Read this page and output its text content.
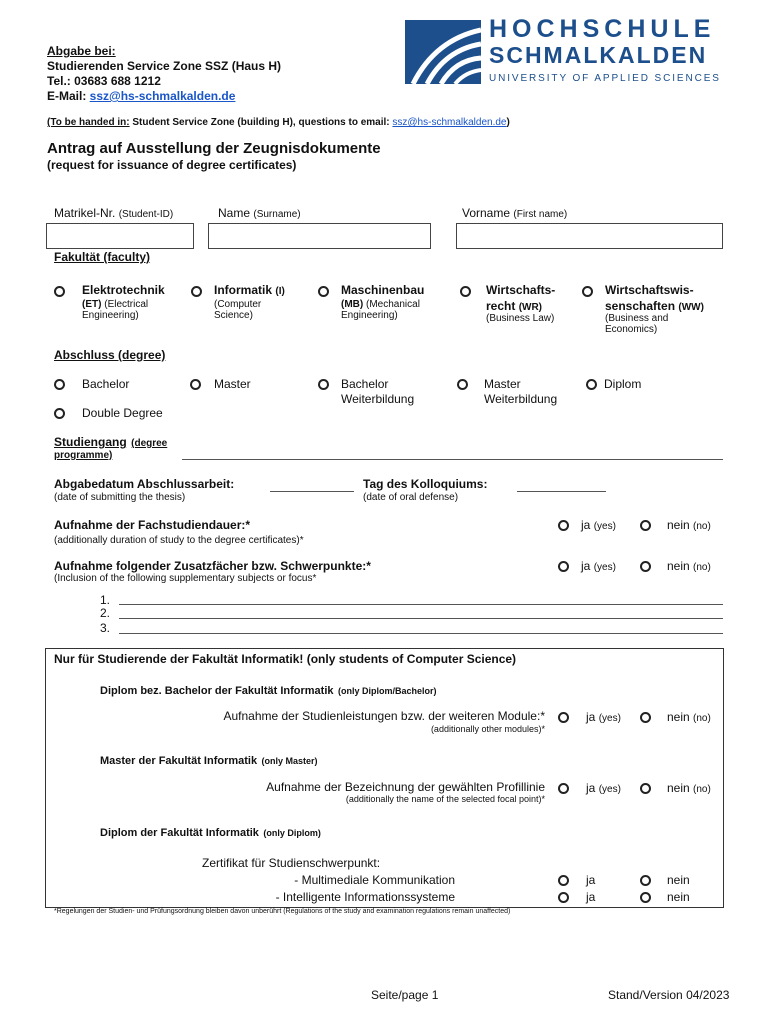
Abgabe bei:
Studierenden Service Zone SSZ (Haus H)
Tel.: 03683 688 1212
E-Mail: ssz@hs-schmalkalden.de
HOCHSCHULE
SCHMALKALDEN
UNIVERSITY OF APPLIED SCIENCES
(To be handed in: Student Service Zone (building H), questions to email: ssz@hs-schmalkalden.de)
Antrag auf Ausstellung der Zeugnisdokumente
(request for issuance of degree certificates)
Matrikel-Nr. (Student-ID)	Name (Surname)	Vorname (First name)
Fakultät (faculty)
Elektrotechnik
(ET) (Electrical
Engineering)
Informatik (I)
(Computer
Science)
Maschinenbau
(MB) (Mechanical
Engineering)
Wirtschafts-
recht (WR)
(Business Law)
Wirtschaftswis-
senschaften (WW)
(Business and
Economics)
Abschluss (degree)
Bachelor	Master	Bachelor
Weiterbildung
Master
Weiterbildung
Diplom
Double Degree
Studiengang (degree
programme)
Abgabedatum Abschlussarbeit:
(date of submitting the thesis)
Tag des Kolloquiums:
(date of oral defense)
Aufnahme der Fachstudiendauer:*
(additionally duration of study to the degree certificates)*
ja (yes)	nein (no)
Aufnahme folgender Zusatzfächer bzw. Schwerpunkte:*
(Inclusion of the following supplementary subjects or focus*
ja (yes)	nein (no)
1.
2.
3.
Nur für Studierende der Fakultät Informatik! (only students of Computer Science)
Diplom bez. Bachelor der Fakultät Informatik (only Diplom/Bachelor)
Aufnahme der Studienleistungen bzw. der weiteren Module:*
(additionally other modules)*
ja (yes)	nein (no)
Master der Fakultät Informatik (only Master)
Aufnahme der Bezeichnung der gewählten Profillinie
(additionally the name of the selected focal point)*
ja (yes)	nein (no)
Diplom der Fakultät Informatik (only Diplom)
Zertifikat für Studienschwerpunkt:
- Multimediale Kommunikation
- Intelligente Informationssysteme
ja	nein
ja	nein
*Regelungen der Studien- und Prüfungsordnung bleiben davon unberührt (Regulations of the study and examination regulations remain unaffected)
Seite/page 1	Stand/Version 04/2023
